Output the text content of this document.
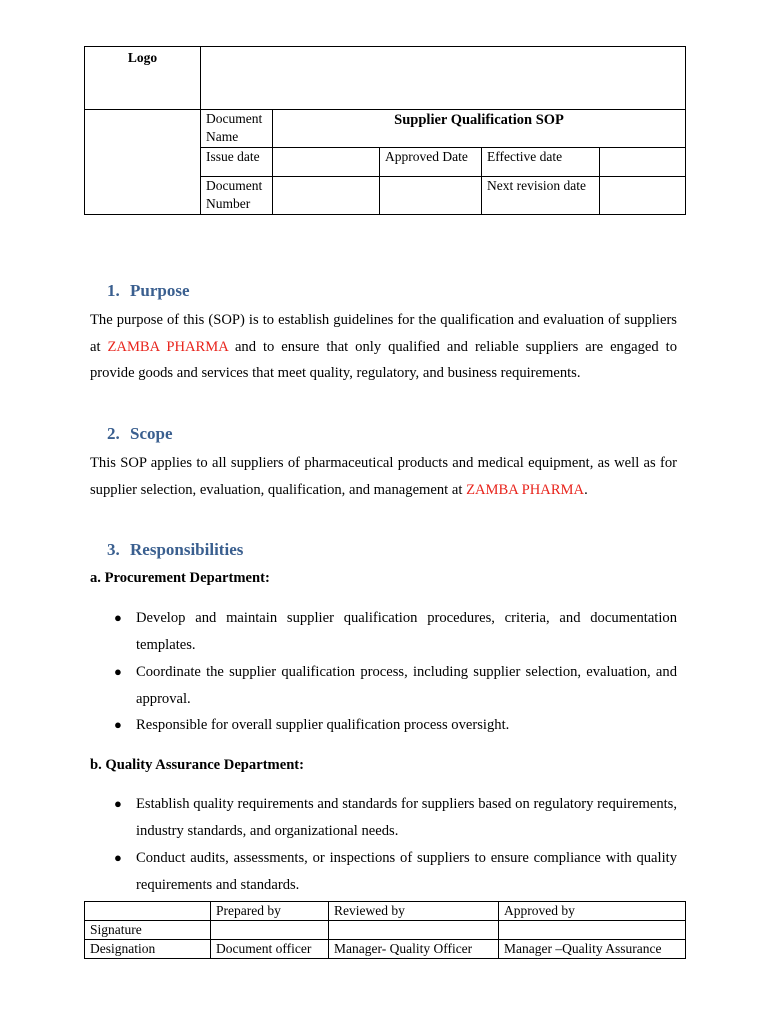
Logo					
	Document Name	Supplier Qualification SOP			
	Issue date		Approved Date	Effective date	
	Document Number			Next revision date	
1. Purpose
The purpose of this (SOP) is to establish guidelines for the qualification and evaluation of suppliers at ZAMBA PHARMA and to ensure that only qualified and reliable suppliers are engaged to provide goods and services that meet quality, regulatory, and business requirements.
2. Scope
This SOP applies to all suppliers of pharmaceutical products and medical equipment, as well as for supplier selection, evaluation, qualification, and management at ZAMBA PHARMA.
3. Responsibilities
a. Procurement Department:
● Develop and maintain supplier qualification procedures, criteria, and documentation templates.
● Coordinate the supplier qualification process, including supplier selection, evaluation, and approval.
● Responsible for overall supplier qualification process oversight.
b. Quality Assurance Department:
● Establish quality requirements and standards for suppliers based on regulatory requirements, industry standards, and organizational needs.
● Conduct audits, assessments, or inspections of suppliers to ensure compliance with quality requirements and standards.
	Prepared by	Reviewed by	Approved by
Signature			
Designation	Document officer	Manager- Quality Officer	Manager –Quality Assurance
